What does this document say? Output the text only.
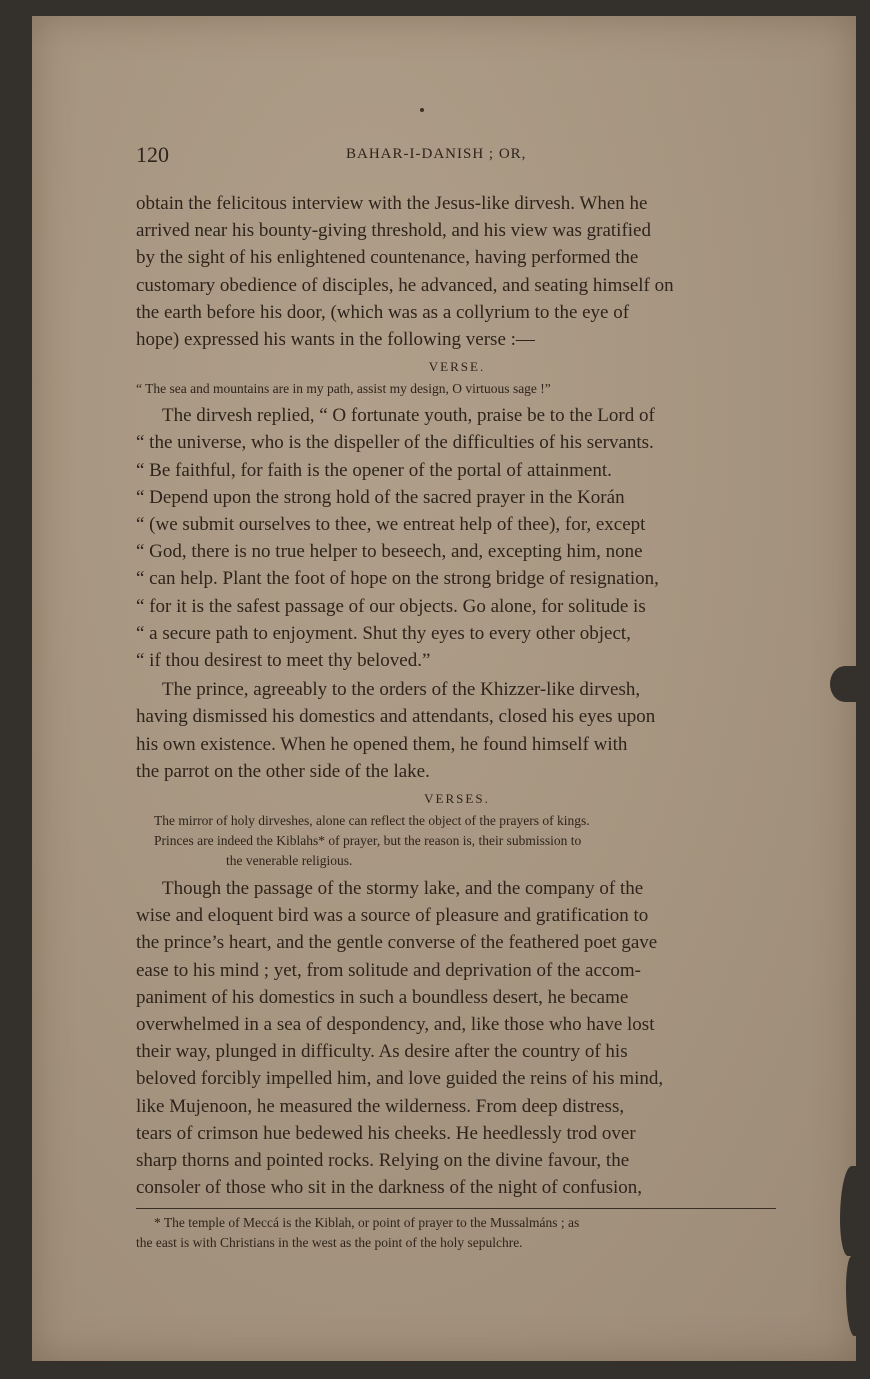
120	BAHAR-I-DANISH ; OR,

obtain the felicitous interview with the Jesus-like dirvesh. When he

arrived near his bounty-giving threshold, and his view was gratified

by the sight of his enlightened countenance, having performed the

customary obedience of disciples, he advanced, and seating himself on

the earth before his door, (which was as a collyrium to the eye of

hope) expressed his wants in the following verse :—

VERSE.

“ The sea and mountains are in my path, assist my design, O virtuous sage !”

The dirvesh replied, “ O fortunate youth, praise be to the Lord of

“ the universe, who is the dispeller of the difficulties of his servants.

“ Be faithful, for faith is the opener of the portal of attainment.

“ Depend upon the strong hold of the sacred prayer in the Korán

“ (we submit ourselves to thee, we entreat help of thee), for, except

“ God, there is no true helper to beseech, and, excepting him, none

“ can help. Plant the foot of hope on the strong bridge of resignation,

“ for it is the safest passage of our objects. Go alone, for solitude is

“ a secure path to enjoyment. Shut thy eyes to every other object,

“ if thou desirest to meet thy beloved.”

The prince, agreeably to the orders of the Khizzer-like dirvesh,

having dismissed his domestics and attendants, closed his eyes upon

his own existence. When he opened them, he found himself with

the parrot on the other side of the lake.

VERSES.

The mirror of holy dirveshes, alone can reflect the object of the prayers of kings.

Princes are indeed the Kiblahs* of prayer, but the reason is, their submission to

the venerable religious.

Though the passage of the stormy lake, and the company of the

wise and eloquent bird was a source of pleasure and gratification to

the prince’s heart, and the gentle converse of the feathered poet gave

ease to his mind ; yet, from solitude and deprivation of the accom-

paniment of his domestics in such a boundless desert, he became

overwhelmed in a sea of despondency, and, like those who have lost

their way, plunged in difficulty. As desire after the country of his

beloved forcibly impelled him, and love guided the reins of his mind,

like Mujenoon, he measured the wilderness. From deep distress,

tears of crimson hue bedewed his cheeks. He heedlessly trod over

sharp thorns and pointed rocks. Relying on the divine favour, the

consoler of those who sit in the darkness of the night of confusion,

* The temple of Meccá is the Kiblah, or point of prayer to the Mussalmáns ; as

the east is with Christians in the west as the point of the holy sepulchre.
